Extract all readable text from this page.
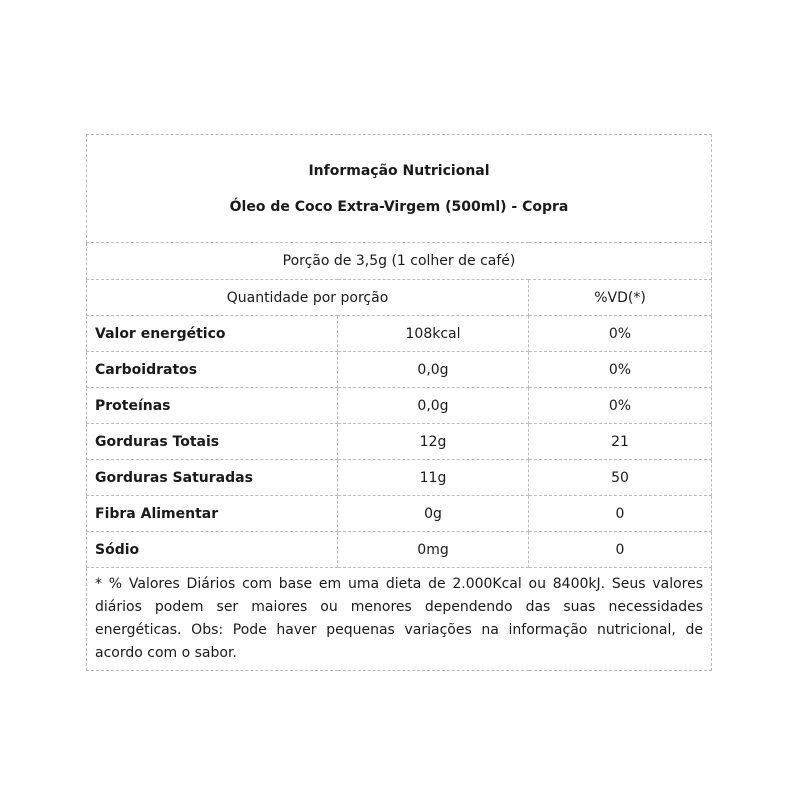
Informação Nutricional
Óleo de Coco Extra-Virgem (500ml) - Copra		

Porção de 3,5g (1 colher de café)		
Quantidade por porção		%VD(*)
Valor energético	108kcal	0%
Carboidratos	0,0g	0%
Proteínas	0,0g	0%
Gorduras Totais	12g	21
Gorduras Saturadas	11g	50
Fibra Alimentar	0g	0
Sódio	0mg	0
* % Valores Diários com base em uma dieta de 2.000Kcal ou 8400kJ. Seus valores diários podem ser maiores ou menores dependendo das suas necessidades energéticas. Obs: Pode haver pequenas variações na informação nutricional, de acordo com o sabor.		
